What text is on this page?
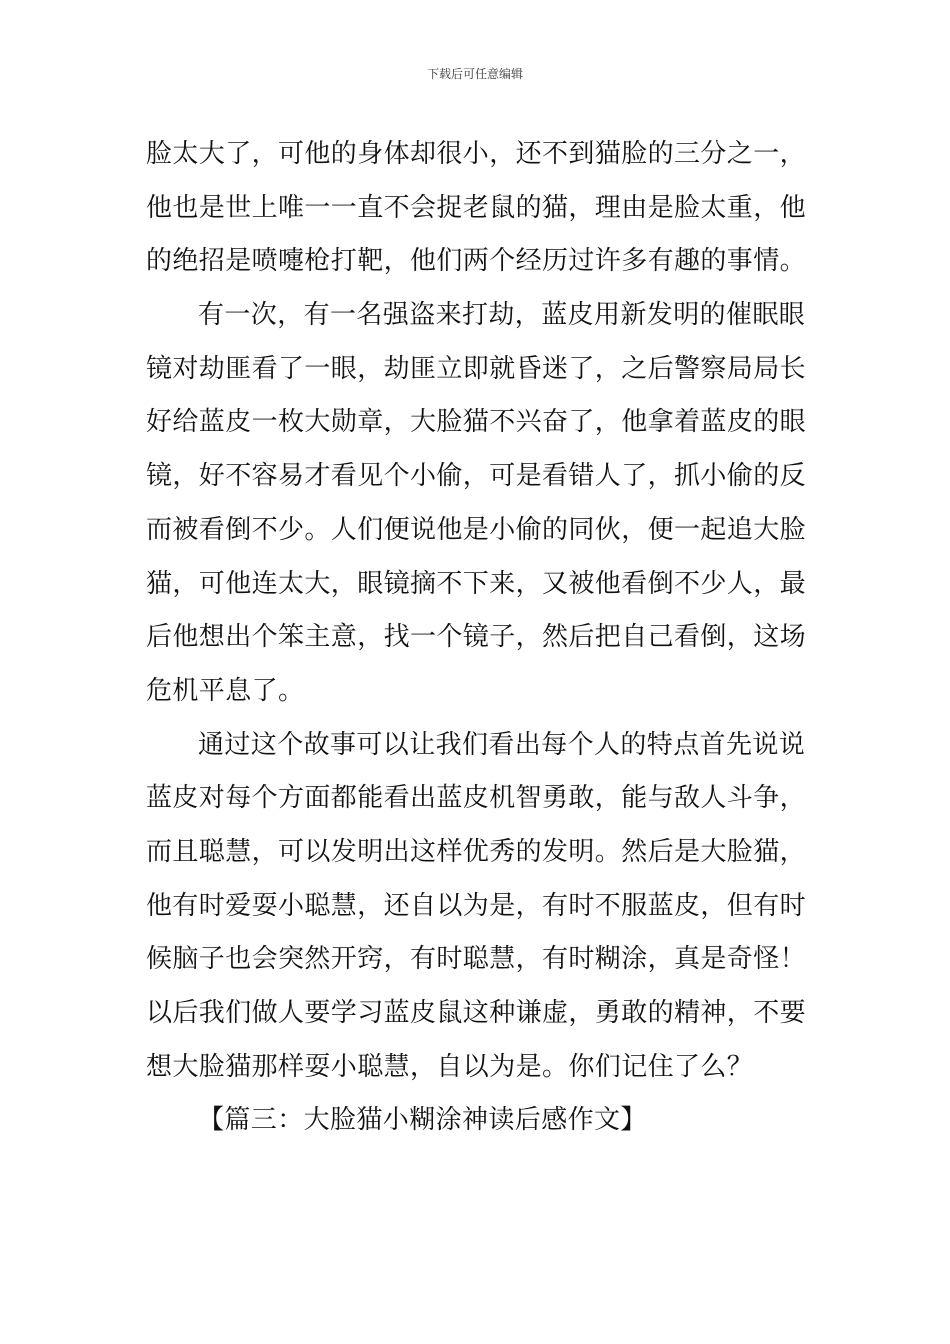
下载后可任意编辑
脸太大了，可他的身体却很小，还不到猫脸的三分之一，
他也是世上唯一一直不会捉老鼠的猫，理由是脸太重，他
的绝招是喷嚏枪打靶，他们两个经历过许多有趣的事情。
有一次，有一名强盗来打劫，蓝皮用新发明的催眠眼
镜对劫匪看了一眼，劫匪立即就昏迷了，之后警察局局长
好给蓝皮一枚大勋章，大脸猫不兴奋了，他拿着蓝皮的眼
镜，好不容易才看见个小偷，可是看错人了，抓小偷的反
而被看倒不少。人们便说他是小偷的同伙，便一起追大脸
猫，可他连太大，眼镜摘不下来，又被他看倒不少人，最
后他想出个笨主意，找一个镜子，然后把自己看倒，这场
危机平息了。
通过这个故事可以让我们看出每个人的特点首先说说
蓝皮对每个方面都能看出蓝皮机智勇敢，能与敌人斗争，
而且聪慧，可以发明出这样优秀的发明。然后是大脸猫，
他有时爱耍小聪慧，还自以为是，有时不服蓝皮，但有时
候脑子也会突然开窍，有时聪慧，有时糊涂，真是奇怪！
以后我们做人要学习蓝皮鼠这种谦虚，勇敢的精神，不要
想大脸猫那样耍小聪慧，自以为是。你们记住了么？
【篇三：大脸猫小糊涂神读后感作文】
